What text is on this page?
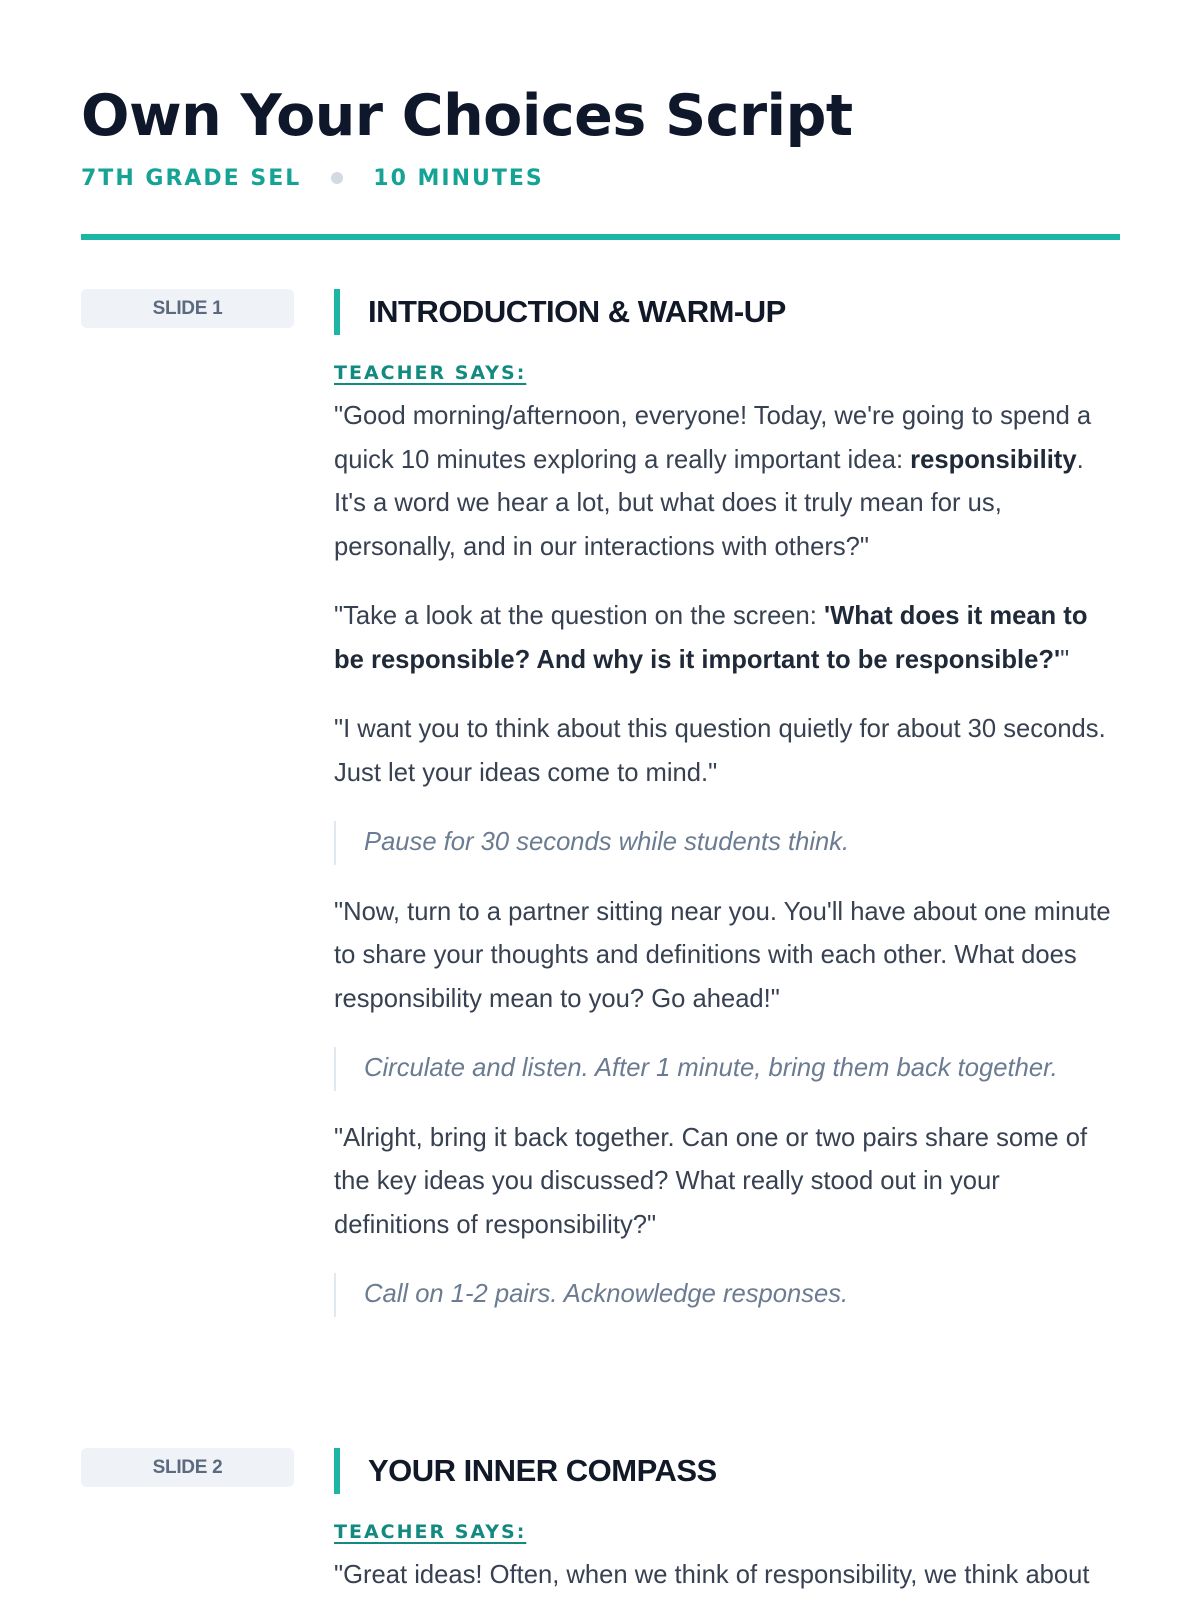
Own Your Choices Script
7TH GRADE SEL	10 MINUTES
SLIDE 1	INTRODUCTION & WARM-UP
TEACHER SAYS:

"Good morning/afternoon, everyone! Today, we're going to spend a quick 10 minutes exploring a really important idea: responsibility. It's a word we hear a lot, but what does it truly mean for us, personally, and in our interactions with others?"

"Take a look at the question on the screen: 'What does it mean to be responsible? And why is it important to be responsible?'"

"I want you to think about this question quietly for about 30 seconds. Just let your ideas come to mind."

Pause for 30 seconds while students think.

"Now, turn to a partner sitting near you. You'll have about one minute to share your thoughts and definitions with each other. What does responsibility mean to you? Go ahead!"

Circulate and listen. After 1 minute, bring them back together.

"Alright, bring it back together. Can one or two pairs share some of the key ideas you discussed? What really stood out in your definitions of responsibility?"

Call on 1-2 pairs. Acknowledge responses.
SLIDE 2	YOUR INNER COMPASS
TEACHER SAYS:

"Great ideas! Often, when we think of responsibility, we think about
